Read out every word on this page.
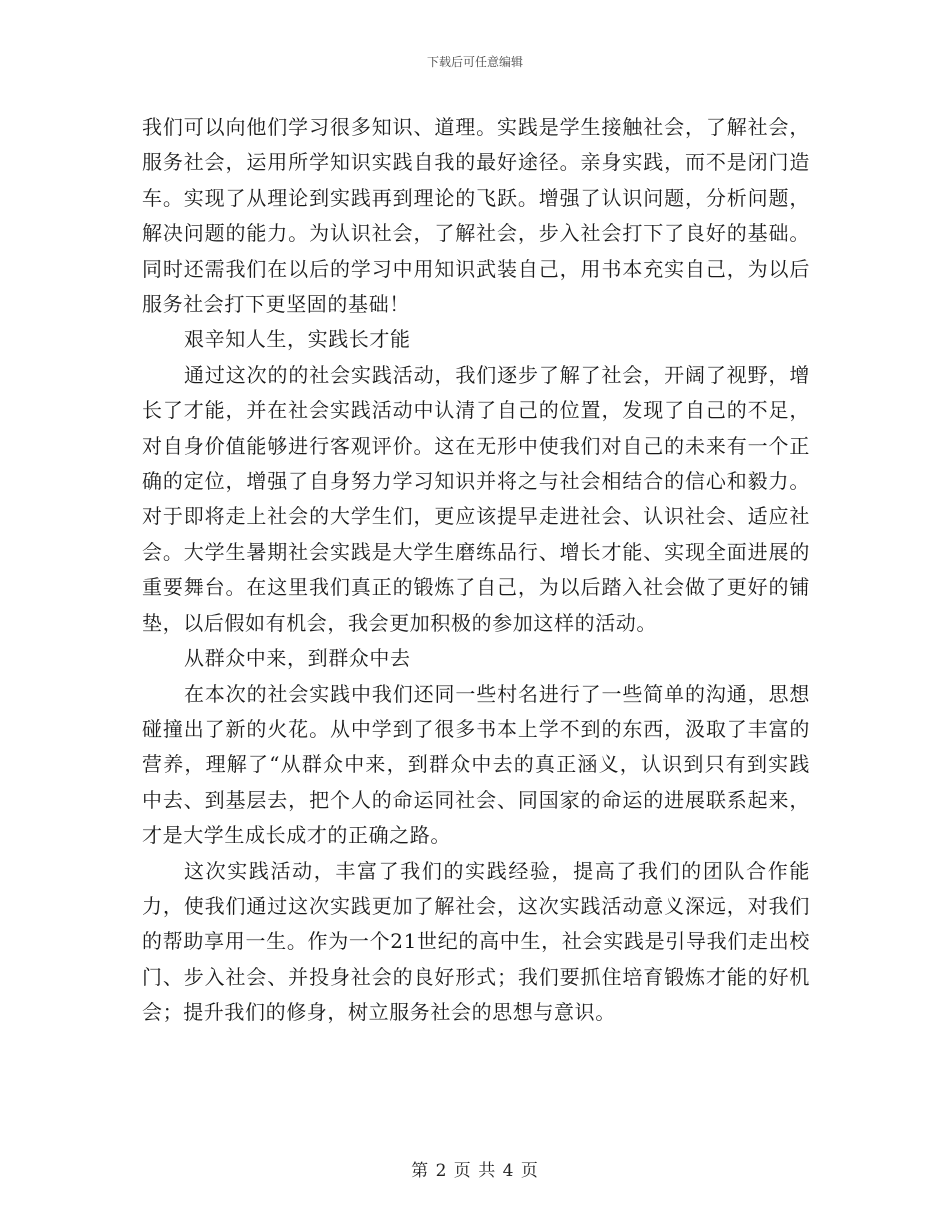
下载后可任意编辑

我们可以向他们学习很多知识、道理。实践是学生接触社会，了解社会，服务社会，运用所学知识实践自我的最好途径。亲身实践，而不是闭门造车。实现了从理论到实践再到理论的飞跃。增强了认识问题，分析问题，解决问题的能力。为认识社会，了解社会，步入社会打下了良好的基础。同时还需我们在以后的学习中用知识武装自己，用书本充实自己，为以后服务社会打下更坚固的基础！

艰辛知人生，实践长才能

通过这次的的社会实践活动，我们逐步了解了社会，开阔了视野，增长了才能，并在社会实践活动中认清了自己的位置，发现了自己的不足，对自身价值能够进行客观评价。这在无形中使我们对自己的未来有一个正确的定位，增强了自身努力学习知识并将之与社会相结合的信心和毅力。对于即将走上社会的大学生们，更应该提早走进社会、认识社会、适应社会。大学生暑期社会实践是大学生磨练品行、增长才能、实现全面进展的重要舞台。在这里我们真正的锻炼了自己，为以后踏入社会做了更好的铺垫，以后假如有机会，我会更加积极的参加这样的活动。

从群众中来，到群众中去

在本次的社会实践中我们还同一些村名进行了一些简单的沟通，思想碰撞出了新的火花。从中学到了很多书本上学不到的东西，汲取了丰富的营养，理解了“从群众中来，到群众中去的真正涵义，认识到只有到实践中去、到基层去，把个人的命运同社会、同国家的命运的进展联系起来，才是大学生成长成才的正确之路。

这次实践活动，丰富了我们的实践经验，提高了我们的团队合作能力，使我们通过这次实践更加了解社会，这次实践活动意义深远，对我们的帮助享用一生。作为一个21世纪的高中生，社会实践是引导我们走出校门、步入社会、并投身社会的良好形式；我们要抓住培育锻炼才能的好机会；提升我们的修身，树立服务社会的思想与意识。

第 2 页 共 4 页
